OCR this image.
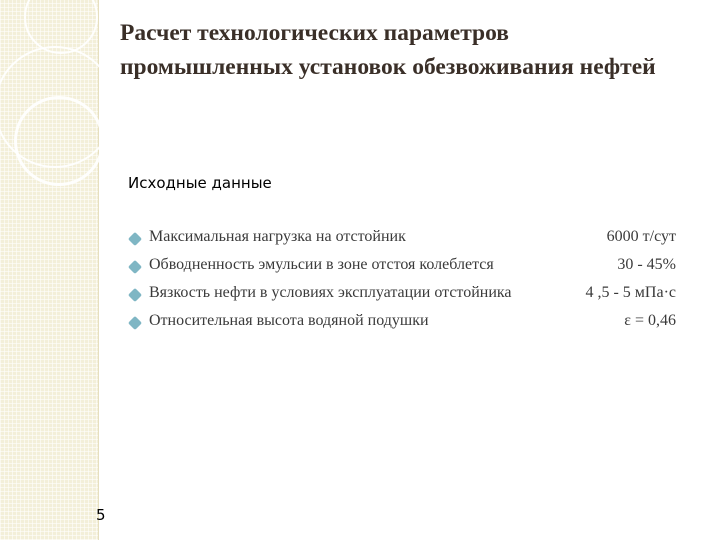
Расчет технологических параметров промышленных установок обезвоживания нефтей
Исходные данные
Максимальная нагрузка на отстойник	6000 т/сут
Обводненность эмульсии в зоне отстоя колеблется	30 - 45%
Вязкость нефти в условиях эксплуатации отстойника	4 ,5 - 5 мПа·с
Относительная высота водяной подушки	ε = 0,46
5
